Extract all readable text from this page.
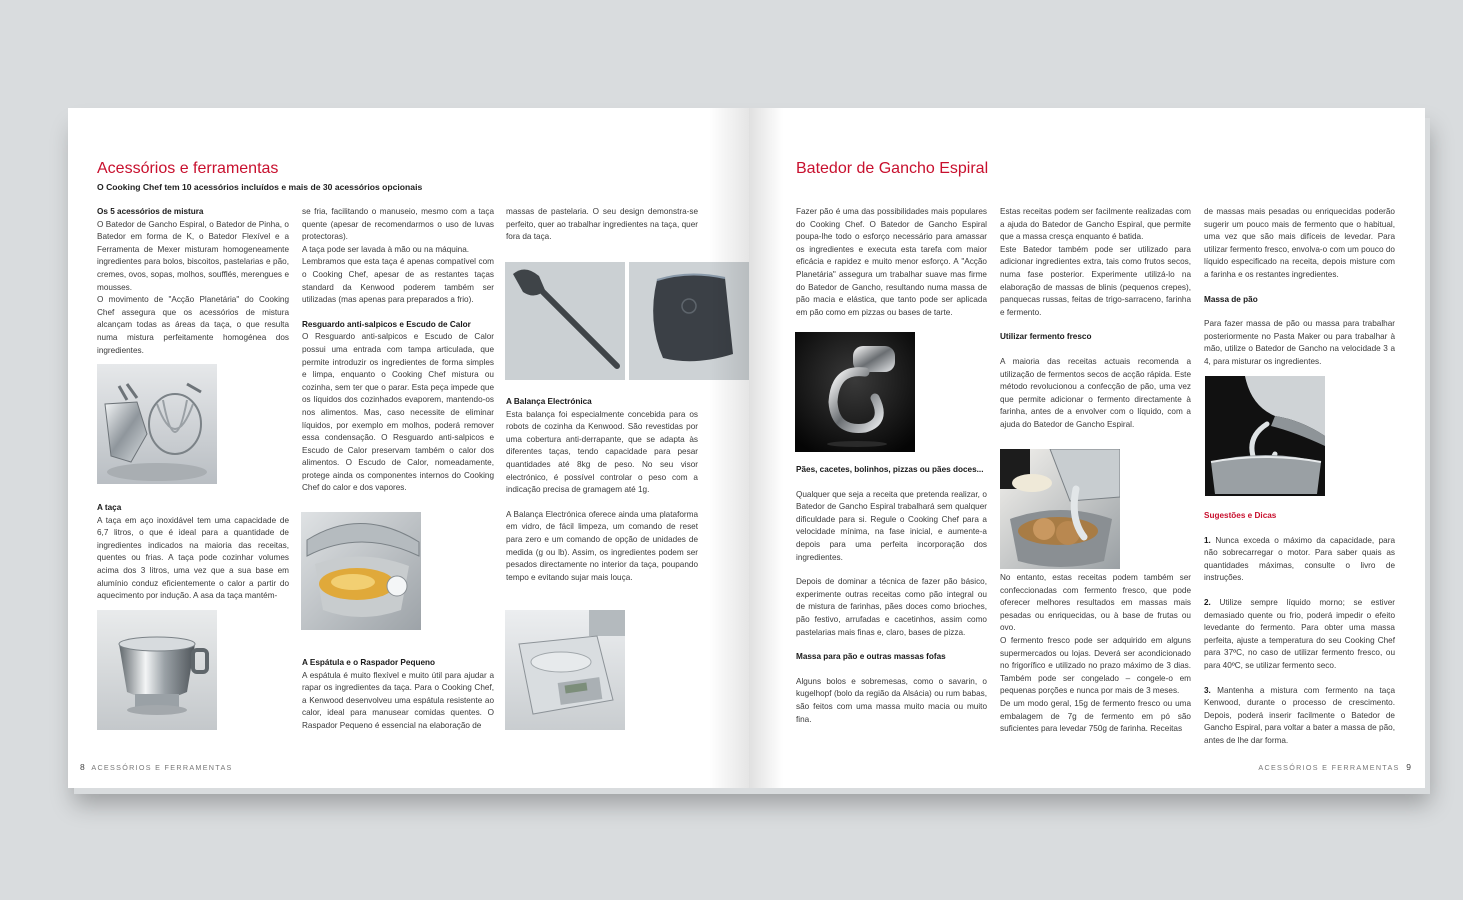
Acessórios e ferramentas

O Cooking Chef tem 10 acessórios incluídos e mais de 30 acessórios opcionais

Os 5 acessórios de mistura

O Batedor de Gancho Espiral, o Batedor de Pinha, o Batedor em forma de K, o Batedor Flexível e a Ferramenta de Mexer misturam homogeneamente ingredientes para bolos, biscoitos, pastelarias e pão, cremes, ovos, sopas, molhos, soufflés, merengues e mousses.

O movimento de "Acção Planetária" do Cooking Chef assegura que os acessórios de mistura alcançam todas as áreas da taça, o que resulta numa mistura perfeitamente homogénea dos ingredientes.

A taça

A taça em aço inoxidável tem uma capacidade de 6,7 litros, o que é ideal para a quantidade de ingredientes indicados na maioria das receitas, quentes ou frias. A taça pode cozinhar volumes acima dos 3 litros, uma vez que a sua base em alumínio conduz eficientemente o calor a partir do aquecimento por indução. A asa da taça mantém-

se fria, facilitando o manuseio, mesmo com a taça quente (apesar de recomendarmos o uso de luvas protectoras).

A taça pode ser lavada à mão ou na máquina.

Lembramos que esta taça é apenas compatível com o Cooking Chef, apesar de as restantes taças standard da Kenwood poderem também ser utilizadas (mas apenas para preparados a frio).

Resguardo anti-salpicos e Escudo de Calor

O Resguardo anti-salpicos e Escudo de Calor possui uma entrada com tampa articulada, que permite introduzir os ingredientes de forma simples e limpa, enquanto o Cooking Chef mistura ou cozinha, sem ter que o parar. Esta peça impede que os líquidos dos cozinhados evaporem, mantendo-os nos alimentos. Mas, caso necessite de eliminar líquidos, por exemplo em molhos, poderá remover essa condensação. O Resguardo anti-salpicos e Escudo de Calor preservam também o calor dos alimentos. O Escudo de Calor, nomeadamente, protege ainda os componentes internos do Cooking Chef do calor e dos vapores.

A Espátula e o Raspador Pequeno

A espátula é muito flexível e muito útil para ajudar a rapar os ingredientes da taça. Para o Cooking Chef, a Kenwood desenvolveu uma espátula resistente ao calor, ideal para manusear comidas quentes. O Raspador Pequeno é essencial na elaboração de

massas de pastelaria. O seu design demonstra-se perfeito, quer ao trabalhar ingredientes na taça, quer fora da taça.

A Balança Electrónica

Esta balança foi especialmente concebida para os robots de cozinha da Kenwood. São revestidas por uma cobertura anti-derrapante, que se adapta às diferentes taças, tendo capacidade para pesar quantidades até 8kg de peso. No seu visor electrónico, é possível controlar o peso com a indicação precisa de gramagem até 1g.

A Balança Electrónica oferece ainda uma plataforma em vidro, de fácil limpeza, um comando de reset para zero e um comando de opção de unidades de medida (g ou lb). Assim, os ingredientes podem ser pesados directamente no interior da taça, poupando tempo e evitando sujar mais louça.

8 ACESSÓRIOS E FERRAMENTAS
Batedor de Gancho Espiral

Fazer pão é uma das possibilidades mais populares do Cooking Chef. O Batedor de Gancho Espiral poupa-lhe todo o esforço necessário para amassar os ingredientes e executa esta tarefa com maior eficácia e rapidez e muito menor esforço. A "Acção Planetária" assegura um trabalhar suave mas firme do Batedor de Gancho, resultando numa massa de pão macia e elástica, que tanto pode ser aplicada em pão como em pizzas ou bases de tarte.

Pães, cacetes, bolinhos, pizzas ou pães doces...

Qualquer que seja a receita que pretenda realizar, o Batedor de Gancho Espiral trabalhará sem qualquer dificuldade para si. Regule o Cooking Chef para a velocidade mínima, na fase inicial, e aumente-a depois para uma perfeita incorporação dos ingredientes.

Depois de dominar a técnica de fazer pão básico, experimente outras receitas como pão integral ou de mistura de farinhas, pães doces como brioches, pão festivo, arrufadas e cacetinhos, assim como pastelarias mais finas e, claro, bases de pizza.

Massa para pão e outras massas fofas

Alguns bolos e sobremesas, como o savarin, o kugelhopf (bolo da região da Alsácia) ou rum babas, são feitos com uma massa muito macia ou muito fina.

Estas receitas podem ser facilmente realizadas com a ajuda do Batedor de Gancho Espiral, que permite que a massa cresça enquanto é batida.

Este Batedor também pode ser utilizado para adicionar ingredientes extra, tais como frutos secos, numa fase posterior. Experimente utilizá-lo na elaboração de massas de blinis (pequenos crepes), panquecas russas, feitas de trigo-sarraceno, farinha e fermento.

Utilizar fermento fresco

A maioria das receitas actuais recomenda a utilização de fermentos secos de acção rápida. Este método revolucionou a confecção de pão, uma vez que permite adicionar o fermento directamente à farinha, antes de a envolver com o líquido, com a ajuda do Batedor de Gancho Espiral.

No entanto, estas receitas podem também ser confeccionadas com fermento fresco, que pode oferecer melhores resultados em massas mais pesadas ou enriquecidas, ou à base de frutas ou ovo.

O fermento fresco pode ser adquirido em alguns supermercados ou lojas. Deverá ser acondicionado no frigorífico e utilizado no prazo máximo de 3 dias. Também pode ser congelado – congele-o em pequenas porções e nunca por mais de 3 meses.

De um modo geral, 15g de fermento fresco ou uma embalagem de 7g de fermento em pó são suficientes para levedar 750g de farinha. Receitas

de massas mais pesadas ou enriquecidas poderão sugerir um pouco mais de fermento que o habitual, uma vez que são mais difíceis de levedar. Para utilizar fermento fresco, envolva-o com um pouco do líquido especificado na receita, depois misture com a farinha e os restantes ingredientes.

Massa de pão

Para fazer massa de pão ou massa para trabalhar posteriormente no Pasta Maker ou para trabalhar à mão, utilize o Batedor de Gancho na velocidade 3 a 4, para misturar os ingredientes.

Sugestões e Dicas

1. Nunca exceda o máximo da capacidade, para não sobrecarregar o motor. Para saber quais as quantidades máximas, consulte o livro de instruções.

2. Utilize sempre líquido morno; se estiver demasiado quente ou frio, poderá impedir o efeito levedante do fermento. Para obter uma massa perfeita, ajuste a temperatura do seu Cooking Chef para 37ºC, no caso de utilizar fermento fresco, ou para 40ºC, se utilizar fermento seco.

3. Mantenha a mistura com fermento na taça Kenwood, durante o processo de crescimento. Depois, poderá inserir facilmente o Batedor de Gancho Espiral, para voltar a bater a massa de pão, antes de lhe dar forma.

ACESSÓRIOS E FERRAMENTAS 9
